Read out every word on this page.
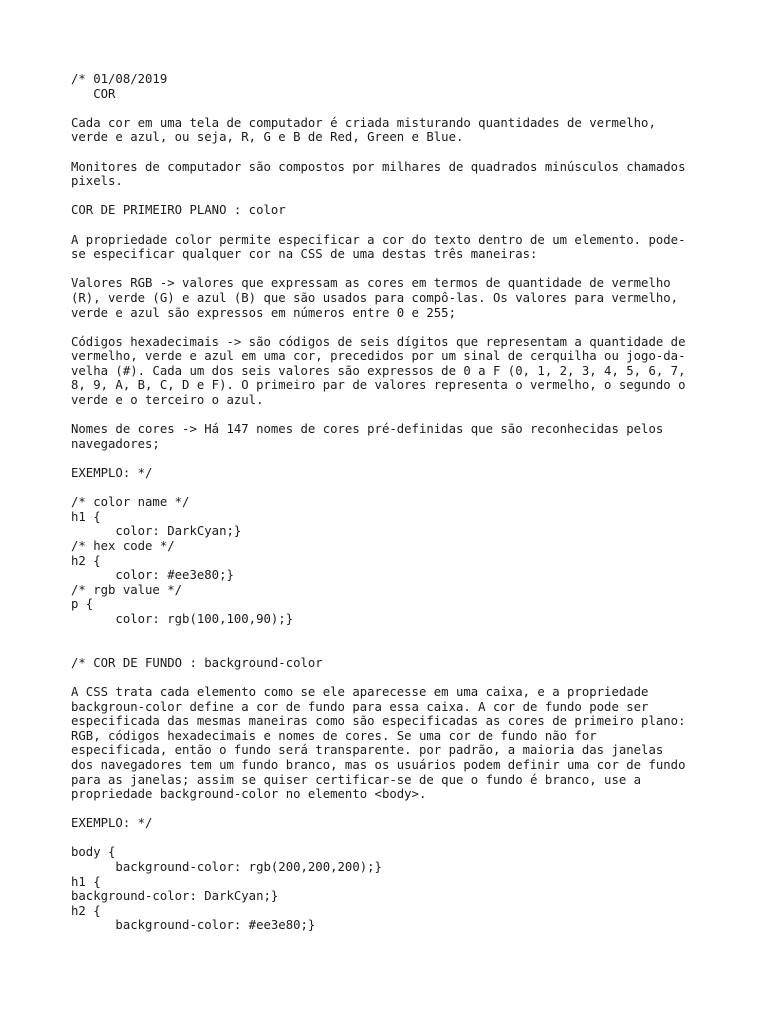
/* 01/08/2019
COR
Cada cor em uma tela de computador é criada misturando quantidades de vermelho,
verde e azul, ou seja, R, G e B de Red, Green e Blue.
Monitores de computador são compostos por milhares de quadrados minúsculos chamados
pixels.
COR DE PRIMEIRO PLANO : color
A propriedade color permite especificar a cor do texto dentro de um elemento. pode-
se especificar qualquer cor na CSS de uma destas três maneiras:
Valores RGB -> valores que expressam as cores em termos de quantidade de vermelho
(R), verde (G) e azul (B) que são usados para compô-las. Os valores para vermelho,
verde e azul são expressos em números entre 0 e 255;
Códigos hexadecimais -> são códigos de seis dígitos que representam a quantidade de
vermelho, verde e azul em uma cor, precedidos por um sinal de cerquilha ou jogo-da-
velha (#). Cada um dos seis valores são expressos de 0 a F (0, 1, 2, 3, 4, 5, 6, 7,
8, 9, A, B, C, D e F). O primeiro par de valores representa o vermelho, o segundo o
verde e o terceiro o azul.
Nomes de cores -> Há 147 nomes de cores pré-definidas que são reconhecidas pelos
navegadores;
EXEMPLO: */
/* color name */
h1 {
color: DarkCyan;}
/* hex code */
h2 {
color: #ee3e80;}
/* rgb value */
p {
color: rgb(100,100,90);}
/* COR DE FUNDO : background-color
A CSS trata cada elemento como se ele aparecesse em uma caixa, e a propriedade
backgroun-color define a cor de fundo para essa caixa. A cor de fundo pode ser
especificada das mesmas maneiras como são especificadas as cores de primeiro plano:
RGB, códigos hexadecimais e nomes de cores. Se uma cor de fundo não for
especificada, então o fundo será transparente. por padrão, a maioria das janelas
dos navegadores tem um fundo branco, mas os usuários podem definir uma cor de fundo
para as janelas; assim se quiser certificar-se de que o fundo é branco, use a
propriedade background-color no elemento <body>.
EXEMPLO: */
body {
background-color: rgb(200,200,200);}
h1 {
background-color: DarkCyan;}
h2 {
background-color: #ee3e80;}
